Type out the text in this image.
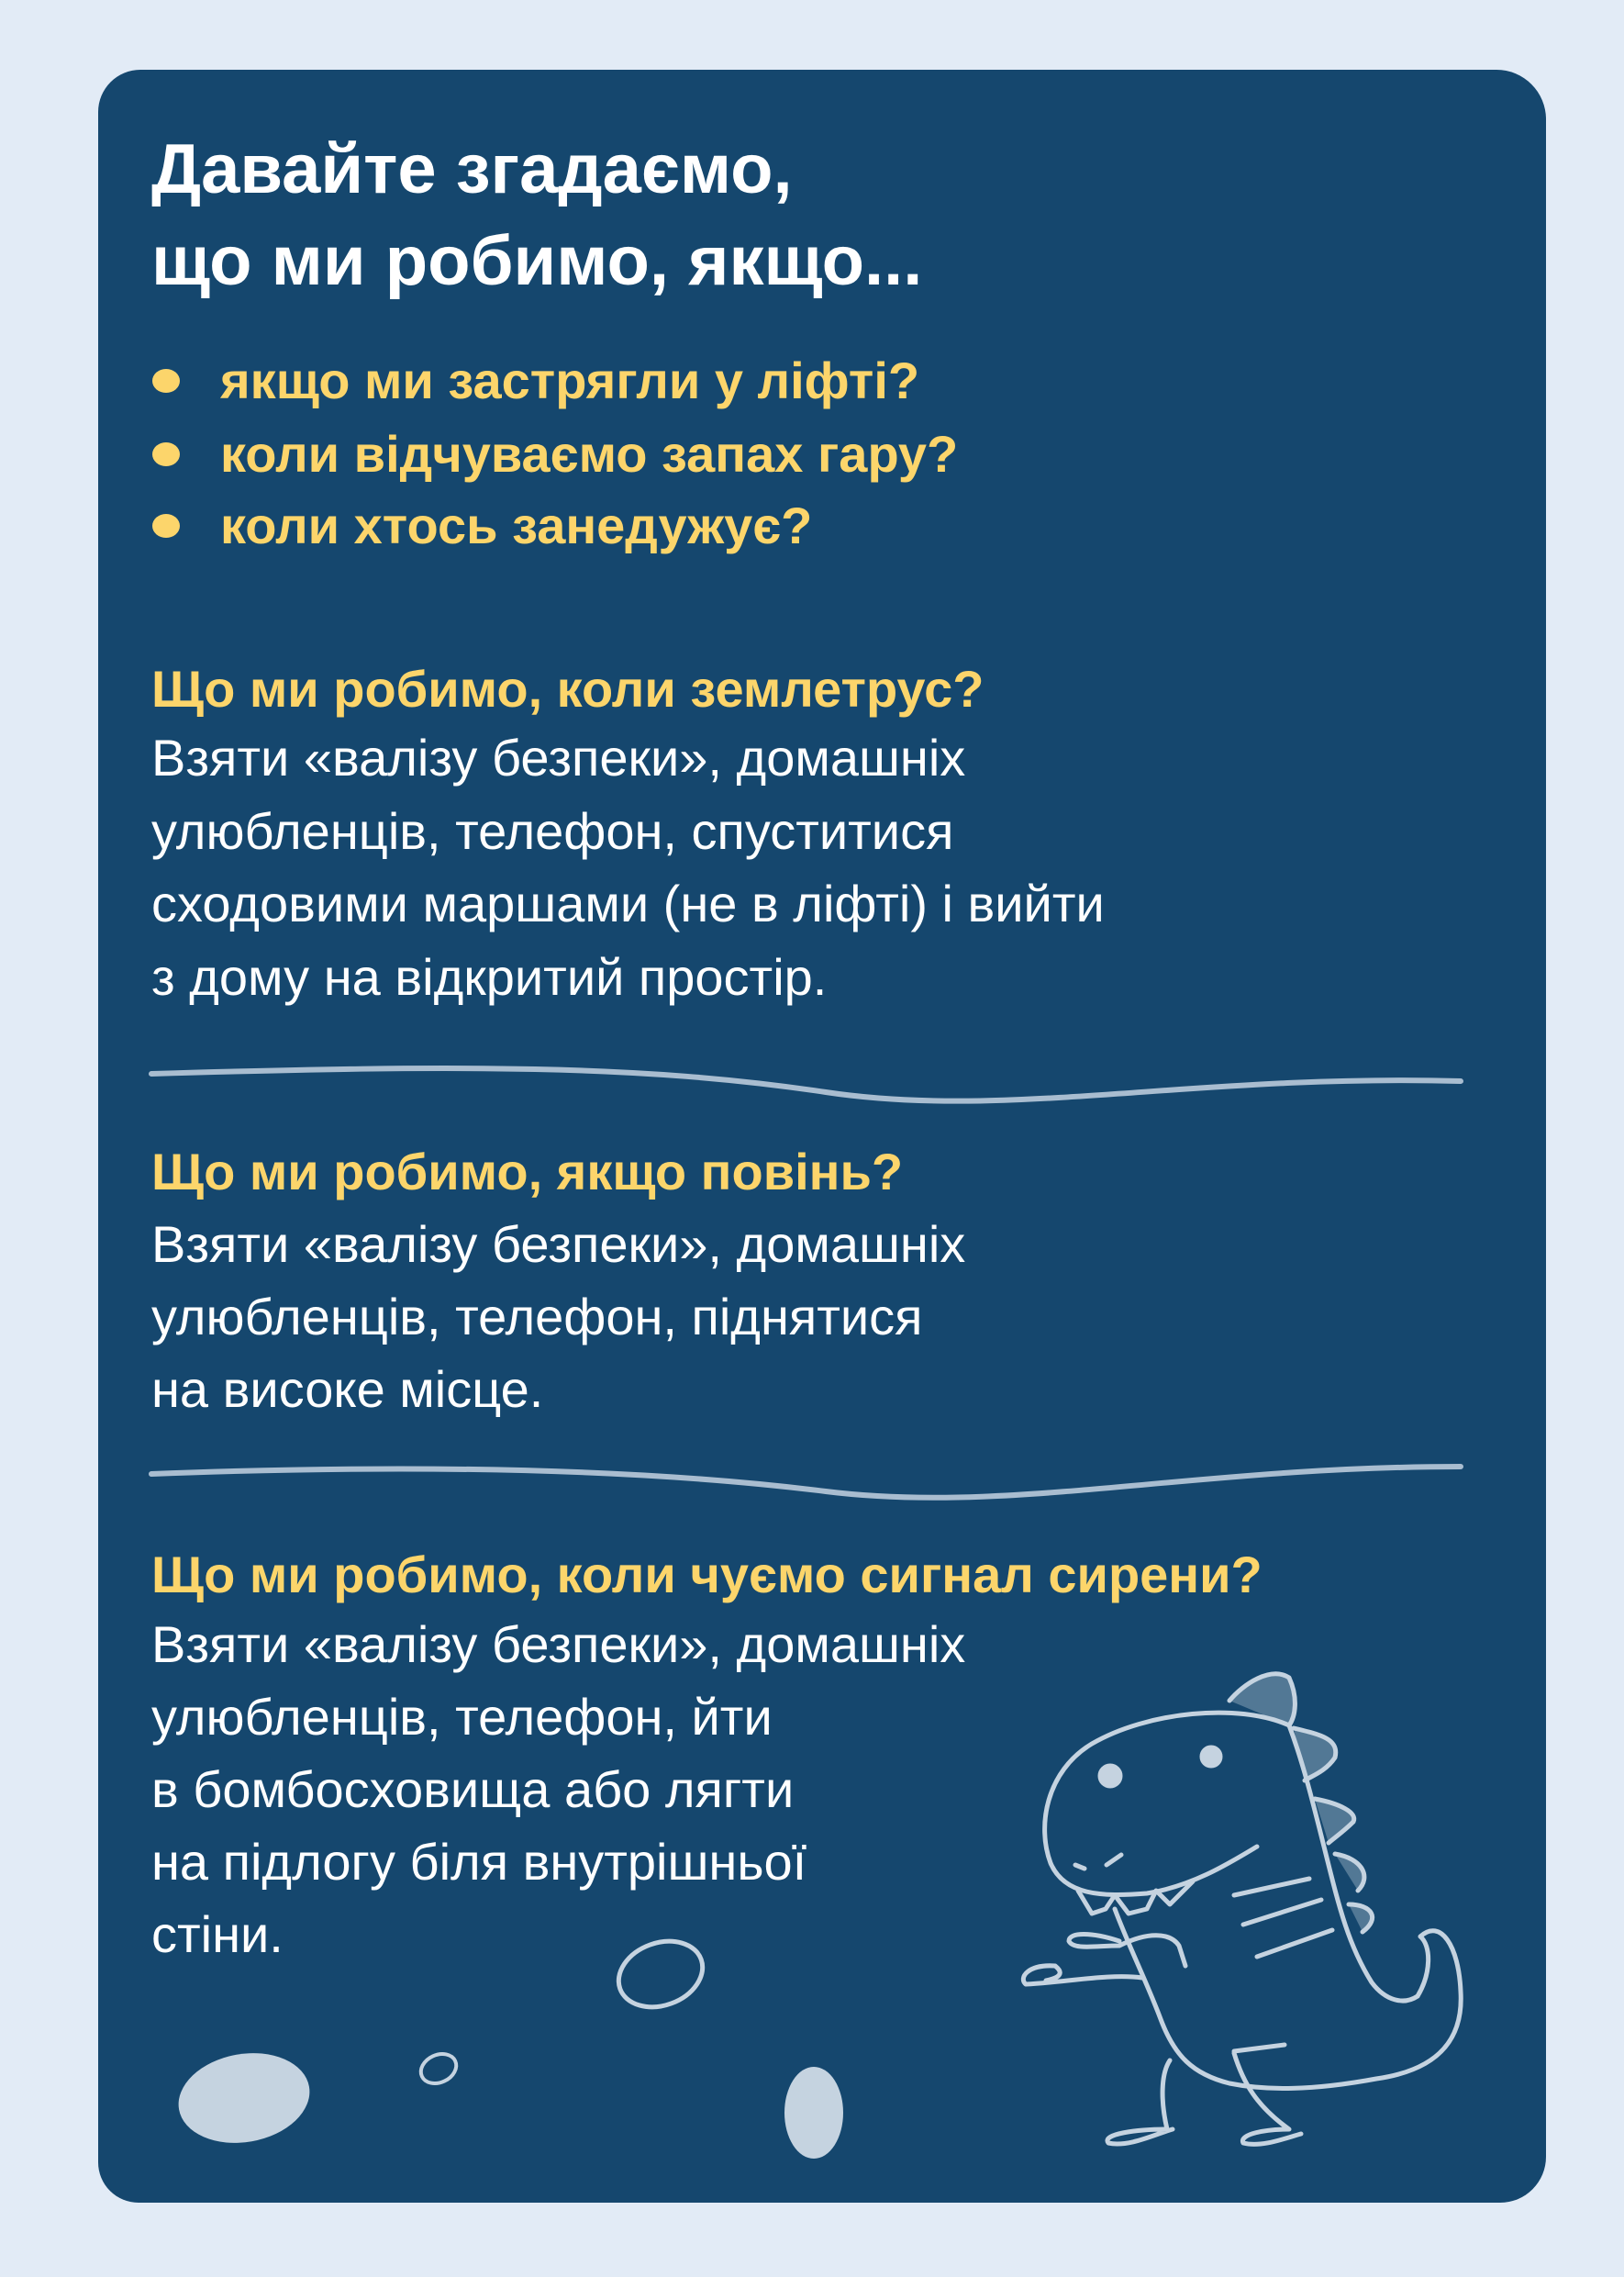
Давайте згадаємо,
що ми робимо, якщо...
якщо ми застрягли у ліфті?
коли відчуваємо запах гару?
коли хтось занедужує?
Що ми робимо, коли землетрус?
Взяти «валізу безпеки», домашніх
улюбленців, телефон, спуститися
сходовими маршами (не в ліфті) і вийти
з дому на відкритий простір.
Що ми робимо, якщо повінь?
Взяти «валізу безпеки», домашніх
улюбленців, телефон, піднятися
на високе місце.
Що ми робимо, коли чуємо сигнал сирени?
Взяти «валізу безпеки», домашніх
улюбленців, телефон, йти
в бомбосховища або лягти
на підлогу біля внутрішньої
стіни.
